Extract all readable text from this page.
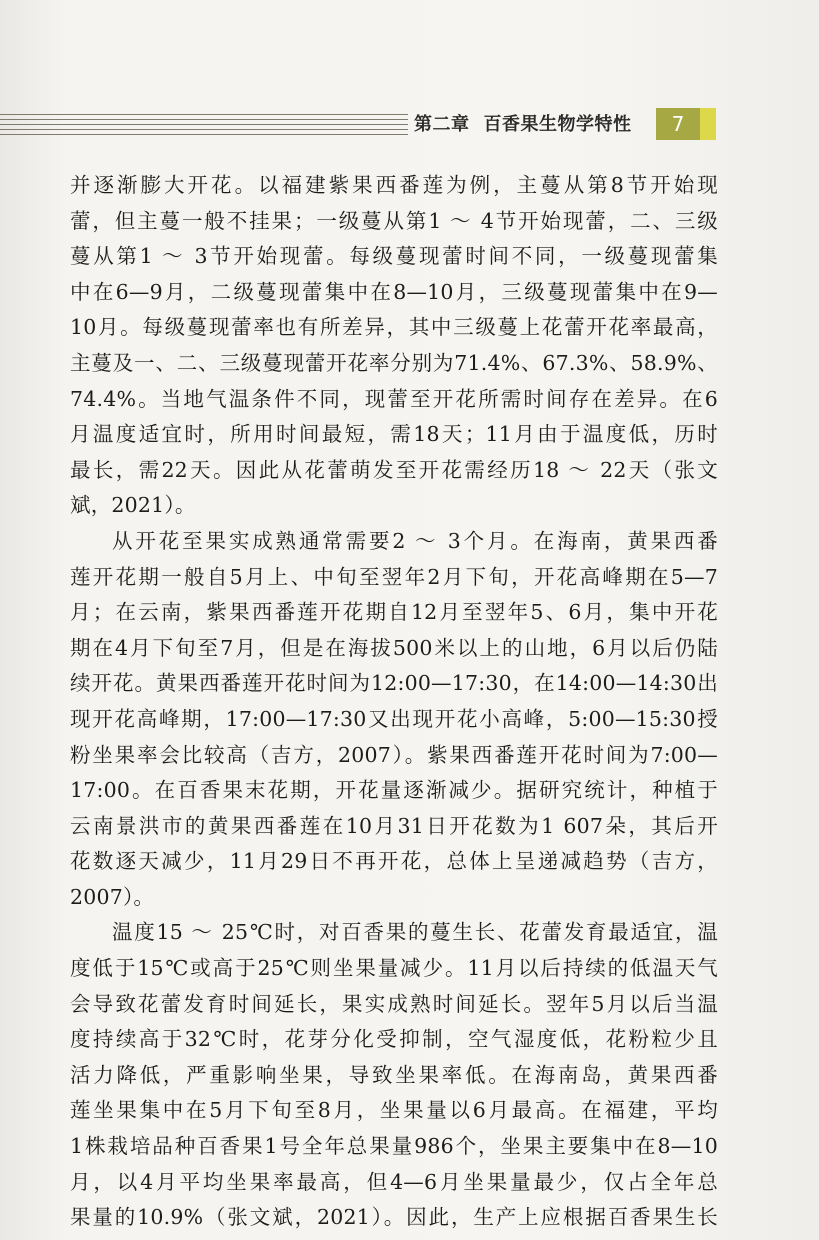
第二章 百香果生物学特性	7
并逐渐膨大开花。以福建紫果西番莲为例，主蔓从第8节开始现
蕾，但主蔓一般不挂果；一级蔓从第1 ～ 4节开始现蕾，二、三级
蔓从第1 ～ 3节开始现蕾。每级蔓现蕾时间不同，一级蔓现蕾集
中在6—9月，二级蔓现蕾集中在8—10月，三级蔓现蕾集中在9—
10月。每级蔓现蕾率也有所差异，其中三级蔓上花蕾开花率最高，
主蔓及一、二、三级蔓现蕾开花率分别为71.4%、67.3%、58.9%、
74.4%。当地气温条件不同，现蕾至开花所需时间存在差异。在6
月温度适宜时，所用时间最短，需18天；11月由于温度低，历时
最长，需22天。因此从花蕾萌发至开花需经历18 ～ 22天（张文
斌，2021）。
从开花至果实成熟通常需要2 ～ 3个月。在海南，黄果西番
莲开花期一般自5月上、中旬至翌年2月下旬，开花高峰期在5—7
月；在云南，紫果西番莲开花期自12月至翌年5、6月，集中开花
期在4月下旬至7月，但是在海拔500米以上的山地，6月以后仍陆
续开花。黄果西番莲开花时间为12:00—17:30，在14:00—14:30出
现开花高峰期，17:00—17:30又出现开花小高峰，5:00—15:30授
粉坐果率会比较高（吉方，2007）。紫果西番莲开花时间为7:00—
17:00。在百香果末花期，开花量逐渐减少。据研究统计，种植于
云南景洪市的黄果西番莲在10月31日开花数为1 607朵，其后开
花数逐天减少，11月29日不再开花，总体上呈递减趋势（吉方，
2007）。
温度15 ～ 25℃时，对百香果的蔓生长、花蕾发育最适宜，温
度低于15℃或高于25℃则坐果量减少。11月以后持续的低温天气
会导致花蕾发育时间延长，果实成熟时间延长。翌年5月以后当温
度持续高于32℃时，花芽分化受抑制，空气湿度低，花粉粒少且
活力降低，严重影响坐果，导致坐果率低。在海南岛，黄果西番
莲坐果集中在5月下旬至8月，坐果量以6月最高。在福建，平均
1株栽培品种百香果1号全年总果量986个，坐果主要集中在8—10
月，以4月平均坐果率最高，但4—6月坐果量最少，仅占全年总
果量的10.9%（张文斌，2021）。因此，生产上应根据百香果生长
